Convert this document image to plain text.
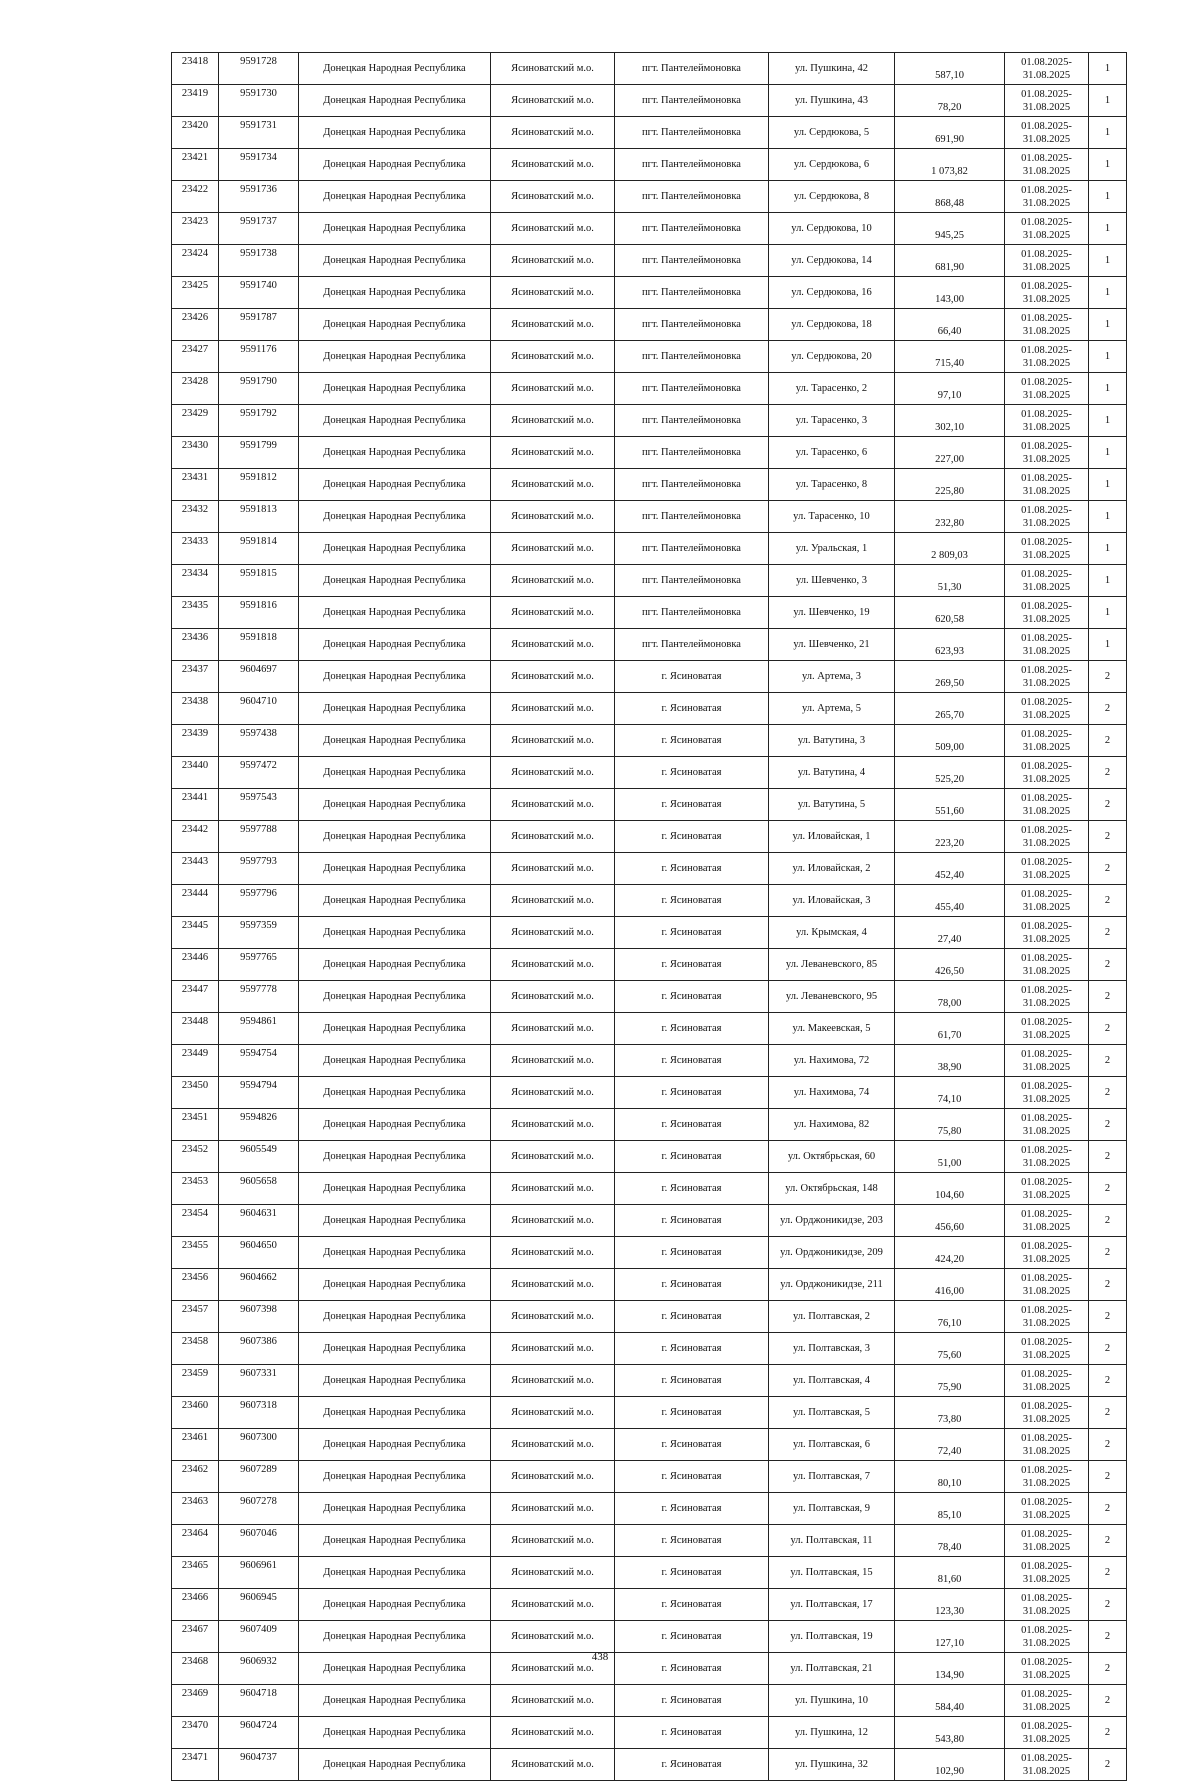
23418	9591728	Донецкая Народная Республика	Ясиноватский м.о.	пгт. Пантелеймоновка	ул. Пушкина, 42	587,10	01.08.2025-
31.08.2025	1
23419	9591730	Донецкая Народная Республика	Ясиноватский м.о.	пгт. Пантелеймоновка	ул. Пушкина, 43	78,20	01.08.2025-
31.08.2025	1
23420	9591731	Донецкая Народная Республика	Ясиноватский м.о.	пгт. Пантелеймоновка	ул. Сердюкова, 5	691,90	01.08.2025-
31.08.2025	1
23421	9591734	Донецкая Народная Республика	Ясиноватский м.о.	пгт. Пантелеймоновка	ул. Сердюкова, 6	1 073,82	01.08.2025-
31.08.2025	1
23422	9591736	Донецкая Народная Республика	Ясиноватский м.о.	пгт. Пантелеймоновка	ул. Сердюкова, 8	868,48	01.08.2025-
31.08.2025	1
23423	9591737	Донецкая Народная Республика	Ясиноватский м.о.	пгт. Пантелеймоновка	ул. Сердюкова, 10	945,25	01.08.2025-
31.08.2025	1
23424	9591738	Донецкая Народная Республика	Ясиноватский м.о.	пгт. Пантелеймоновка	ул. Сердюкова, 14	681,90	01.08.2025-
31.08.2025	1
23425	9591740	Донецкая Народная Республика	Ясиноватский м.о.	пгт. Пантелеймоновка	ул. Сердюкова, 16	143,00	01.08.2025-
31.08.2025	1
23426	9591787	Донецкая Народная Республика	Ясиноватский м.о.	пгт. Пантелеймоновка	ул. Сердюкова, 18	66,40	01.08.2025-
31.08.2025	1
23427	9591176	Донецкая Народная Республика	Ясиноватский м.о.	пгт. Пантелеймоновка	ул. Сердюкова, 20	715,40	01.08.2025-
31.08.2025	1
23428	9591790	Донецкая Народная Республика	Ясиноватский м.о.	пгт. Пантелеймоновка	ул. Тарасенко, 2	97,10	01.08.2025-
31.08.2025	1
23429	9591792	Донецкая Народная Республика	Ясиноватский м.о.	пгт. Пантелеймоновка	ул. Тарасенко, 3	302,10	01.08.2025-
31.08.2025	1
23430	9591799	Донецкая Народная Республика	Ясиноватский м.о.	пгт. Пантелеймоновка	ул. Тарасенко, 6	227,00	01.08.2025-
31.08.2025	1
23431	9591812	Донецкая Народная Республика	Ясиноватский м.о.	пгт. Пантелеймоновка	ул. Тарасенко, 8	225,80	01.08.2025-
31.08.2025	1
23432	9591813	Донецкая Народная Республика	Ясиноватский м.о.	пгт. Пантелеймоновка	ул. Тарасенко, 10	232,80	01.08.2025-
31.08.2025	1
23433	9591814	Донецкая Народная Республика	Ясиноватский м.о.	пгт. Пантелеймоновка	ул. Уральская, 1	2 809,03	01.08.2025-
31.08.2025	1
23434	9591815	Донецкая Народная Республика	Ясиноватский м.о.	пгт. Пантелеймоновка	ул. Шевченко, 3	51,30	01.08.2025-
31.08.2025	1
23435	9591816	Донецкая Народная Республика	Ясиноватский м.о.	пгт. Пантелеймоновка	ул. Шевченко, 19	620,58	01.08.2025-
31.08.2025	1
23436	9591818	Донецкая Народная Республика	Ясиноватский м.о.	пгт. Пантелеймоновка	ул. Шевченко, 21	623,93	01.08.2025-
31.08.2025	1
23437	9604697	Донецкая Народная Республика	Ясиноватский м.о.	г. Ясиноватая	ул. Артема, 3	269,50	01.08.2025-
31.08.2025	2
23438	9604710	Донецкая Народная Республика	Ясиноватский м.о.	г. Ясиноватая	ул. Артема, 5	265,70	01.08.2025-
31.08.2025	2
23439	9597438	Донецкая Народная Республика	Ясиноватский м.о.	г. Ясиноватая	ул. Ватутина, 3	509,00	01.08.2025-
31.08.2025	2
23440	9597472	Донецкая Народная Республика	Ясиноватский м.о.	г. Ясиноватая	ул. Ватутина, 4	525,20	01.08.2025-
31.08.2025	2
23441	9597543	Донецкая Народная Республика	Ясиноватский м.о.	г. Ясиноватая	ул. Ватутина, 5	551,60	01.08.2025-
31.08.2025	2
23442	9597788	Донецкая Народная Республика	Ясиноватский м.о.	г. Ясиноватая	ул. Иловайская, 1	223,20	01.08.2025-
31.08.2025	2
23443	9597793	Донецкая Народная Республика	Ясиноватский м.о.	г. Ясиноватая	ул. Иловайская, 2	452,40	01.08.2025-
31.08.2025	2
23444	9597796	Донецкая Народная Республика	Ясиноватский м.о.	г. Ясиноватая	ул. Иловайская, 3	455,40	01.08.2025-
31.08.2025	2
23445	9597359	Донецкая Народная Республика	Ясиноватский м.о.	г. Ясиноватая	ул. Крымская, 4	27,40	01.08.2025-
31.08.2025	2
23446	9597765	Донецкая Народная Республика	Ясиноватский м.о.	г. Ясиноватая	ул. Леваневского, 85	426,50	01.08.2025-
31.08.2025	2
23447	9597778	Донецкая Народная Республика	Ясиноватский м.о.	г. Ясиноватая	ул. Леваневского, 95	78,00	01.08.2025-
31.08.2025	2
23448	9594861	Донецкая Народная Республика	Ясиноватский м.о.	г. Ясиноватая	ул. Макеевская, 5	61,70	01.08.2025-
31.08.2025	2
23449	9594754	Донецкая Народная Республика	Ясиноватский м.о.	г. Ясиноватая	ул. Нахимова, 72	38,90	01.08.2025-
31.08.2025	2
23450	9594794	Донецкая Народная Республика	Ясиноватский м.о.	г. Ясиноватая	ул. Нахимова, 74	74,10	01.08.2025-
31.08.2025	2
23451	9594826	Донецкая Народная Республика	Ясиноватский м.о.	г. Ясиноватая	ул. Нахимова, 82	75,80	01.08.2025-
31.08.2025	2
23452	9605549	Донецкая Народная Республика	Ясиноватский м.о.	г. Ясиноватая	ул. Октябрьская, 60	51,00	01.08.2025-
31.08.2025	2
23453	9605658	Донецкая Народная Республика	Ясиноватский м.о.	г. Ясиноватая	ул. Октябрьская, 148	104,60	01.08.2025-
31.08.2025	2
23454	9604631	Донецкая Народная Республика	Ясиноватский м.о.	г. Ясиноватая	ул. Орджоникидзе, 203	456,60	01.08.2025-
31.08.2025	2
23455	9604650	Донецкая Народная Республика	Ясиноватский м.о.	г. Ясиноватая	ул. Орджоникидзе, 209	424,20	01.08.2025-
31.08.2025	2
23456	9604662	Донецкая Народная Республика	Ясиноватский м.о.	г. Ясиноватая	ул. Орджоникидзе, 211	416,00	01.08.2025-
31.08.2025	2
23457	9607398	Донецкая Народная Республика	Ясиноватский м.о.	г. Ясиноватая	ул. Полтавская, 2	76,10	01.08.2025-
31.08.2025	2
23458	9607386	Донецкая Народная Республика	Ясиноватский м.о.	г. Ясиноватая	ул. Полтавская, 3	75,60	01.08.2025-
31.08.2025	2
23459	9607331	Донецкая Народная Республика	Ясиноватский м.о.	г. Ясиноватая	ул. Полтавская, 4	75,90	01.08.2025-
31.08.2025	2
23460	9607318	Донецкая Народная Республика	Ясиноватский м.о.	г. Ясиноватая	ул. Полтавская, 5	73,80	01.08.2025-
31.08.2025	2
23461	9607300	Донецкая Народная Республика	Ясиноватский м.о.	г. Ясиноватая	ул. Полтавская, 6	72,40	01.08.2025-
31.08.2025	2
23462	9607289	Донецкая Народная Республика	Ясиноватский м.о.	г. Ясиноватая	ул. Полтавская, 7	80,10	01.08.2025-
31.08.2025	2
23463	9607278	Донецкая Народная Республика	Ясиноватский м.о.	г. Ясиноватая	ул. Полтавская, 9	85,10	01.08.2025-
31.08.2025	2
23464	9607046	Донецкая Народная Республика	Ясиноватский м.о.	г. Ясиноватая	ул. Полтавская, 11	78,40	01.08.2025-
31.08.2025	2
23465	9606961	Донецкая Народная Республика	Ясиноватский м.о.	г. Ясиноватая	ул. Полтавская, 15	81,60	01.08.2025-
31.08.2025	2
23466	9606945	Донецкая Народная Республика	Ясиноватский м.о.	г. Ясиноватая	ул. Полтавская, 17	123,30	01.08.2025-
31.08.2025	2
23467	9607409	Донецкая Народная Республика	Ясиноватский м.о.	г. Ясиноватая	ул. Полтавская, 19	127,10	01.08.2025-
31.08.2025	2
23468	9606932	Донецкая Народная Республика	Ясиноватский м.о.	г. Ясиноватая	ул. Полтавская, 21	134,90	01.08.2025-
31.08.2025	2
23469	9604718	Донецкая Народная Республика	Ясиноватский м.о.	г. Ясиноватая	ул. Пушкина, 10	584,40	01.08.2025-
31.08.2025	2
23470	9604724	Донецкая Народная Республика	Ясиноватский м.о.	г. Ясиноватая	ул. Пушкина, 12	543,80	01.08.2025-
31.08.2025	2
23471	9604737	Донецкая Народная Республика	Ясиноватский м.о.	г. Ясиноватая	ул. Пушкина, 32	102,90	01.08.2025-
31.08.2025	2
438
